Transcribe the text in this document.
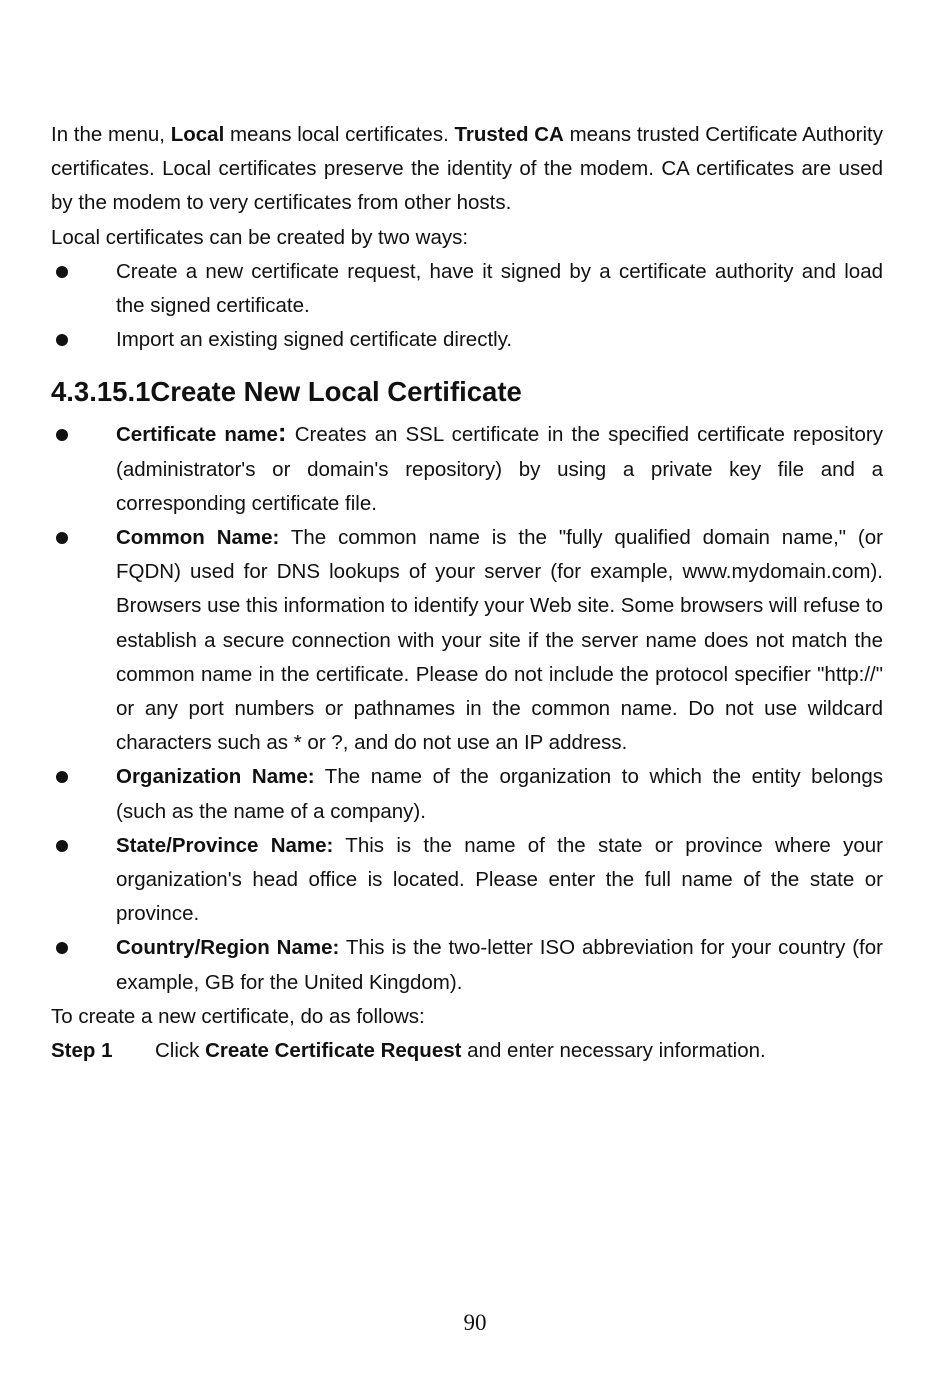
In the menu, Local means local certificates. Trusted CA means trusted Certificate Authority certificates. Local certificates preserve the identity of the modem. CA certificates are used by the modem to very certificates from other hosts.

Local certificates can be created by two ways:

Create a new certificate request, have it signed by a certificate authority and load the signed certificate.
Import an existing signed certificate directly.
4.3.15.1Create New Local Certificate
Certificate name: Creates an SSL certificate in the specified certificate repository (administrator's or domain's repository) by using a private key file and a corresponding certificate file.
Common Name: The common name is the "fully qualified domain name," (or FQDN) used for DNS lookups of your server (for example, www.mydomain.com). Browsers use this information to identify your Web site. Some browsers will refuse to establish a secure connection with your site if the server name does not match the common name in the certificate. Please do not include the protocol specifier "http://" or any port numbers or pathnames in the common name. Do not use wildcard characters such as * or ?, and do not use an IP address.
Organization Name: The name of the organization to which the entity belongs (such as the name of a company).
State/Province Name: This is the name of the state or province where your organization's head office is located. Please enter the full name of the state or province.
Country/Region Name: This is the two-letter ISO abbreviation for your country (for example, GB for the United Kingdom).

To create a new certificate, do as follows:

Step 1	Click Create Certificate Request and enter necessary information.
90
